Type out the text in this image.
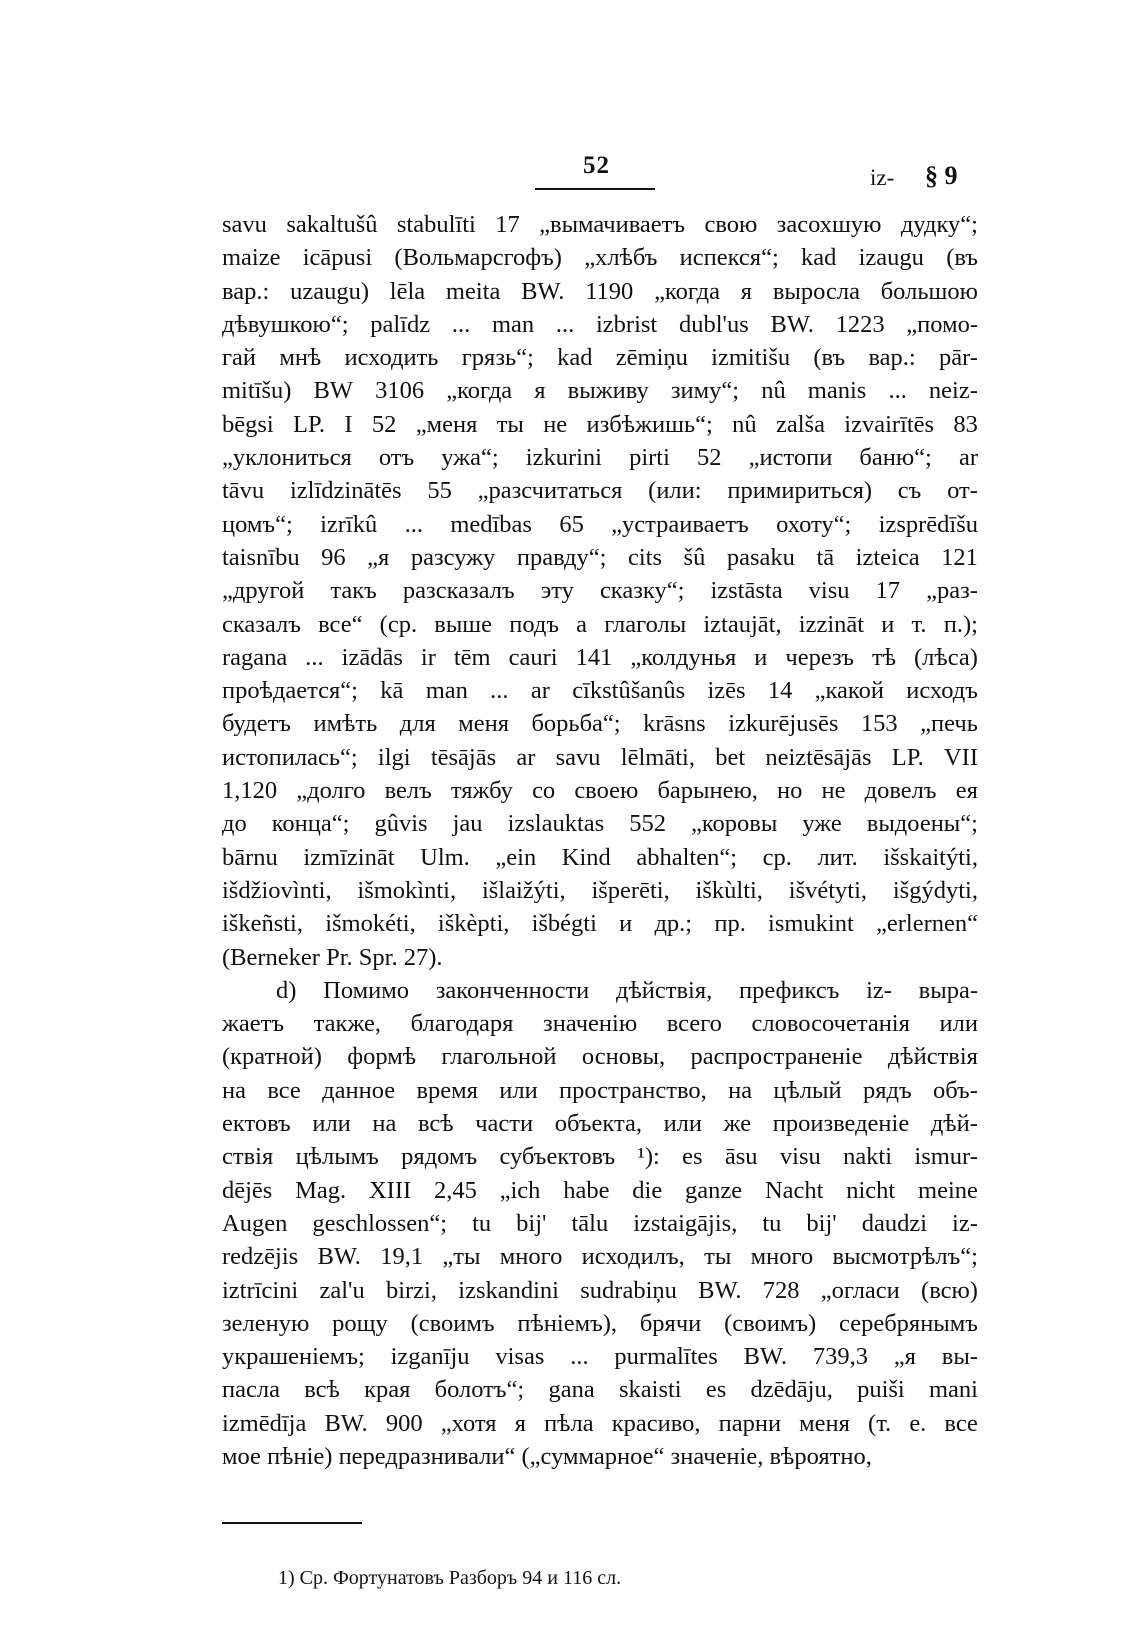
52	iz- § 9
savu sakaltušû stabulīti 17 „вымачиваетъ свою засохшую дудку“;
maize icāpusi (Вольмарсгофъ) „хлѣбъ испекся“; kad izaugu (въ
вар.: uzaugu) lēla meita BW. 1190 „когда я выросла большою
дѣвушкою“; palīdz ... man ... izbrist dubl'us BW. 1223 „помо-
гай мнѣ исходить грязь“; kad zēmiņu izmitišu (въ вар.: pār-
mitīšu) BW 3106 „когда я выживу зиму“; nû manis ... neiz-
bēgsi LP. I 52 „меня ты не избѣжишь“; nû zalša izvairītēs 83
„уклониться отъ ужа“; izkurini pirti 52 „истопи баню“; ar
tāvu izlīdzinātēs 55 „разсчитаться (или: примириться) съ от-
цомъ“; izrīkû ... medības 65 „устраиваетъ охоту“; izsprēdīšu
taisnību 96 „я разсужу правду“; cits šû pasaku tā izteica 121
„другой такъ разсказалъ эту сказку“; izstāsta visu 17 „раз-
сказалъ все“ (ср. выше подъ a глаголы iztaujāt, izzināt и т. п.);
ragana ... izādās ir tēm cauri 141 „колдунья и черезъ тѣ (лѣса)
проѣдается“; kā man ... ar cīkstûšanûs izēs 14 „какой исходъ
будетъ имѣть для меня борьба“; krāsns izkurējusēs 153 „печь
истопилась“; ilgi tēsājās ar savu lēlmāti, bet neiztēsājās LP. VII
1,120 „долго велъ тяжбу со своею барынею, но не довелъ ея
до конца“; gûvis jau izslauktas 552 „коровы уже выдоены“;
bārnu izmīzināt Ulm. „ein Kind abhalten“; ср. лит. išskaitýti,
išdžiovìnti, išmokìnti, išlaižýti, išperēti, iškùlti, išvétyti, išgýdyti,
iškeñsti, išmokéti, iškèpti, išbégti и др.; пр. ismukint „erlernen“
(Berneker Pr. Spr. 27).
d) Помимо законченности дѣйствія, префиксъ iz- выра-
жаетъ также, благодаря значенію всего словосочетанія или
(кратной) формѣ глагольной основы, распространеніе дѣйствія
на все данное время или пространство, на цѣлый рядъ объ-
ектовъ или на всѣ части объекта, или же произведеніе дѣй-
ствія цѣлымъ рядомъ субъектовъ ¹): es āsu visu nakti ismur-
dējēs Mag. XIII 2,45 „ich habe die ganze Nacht nicht meine
Augen geschlossen“; tu bij' tālu izstaigājis, tu bij' daudzi iz-
redzējis BW. 19,1 „ты много исходилъ, ты много высмотрѣлъ“;
iztrīcini zal'u birzi, izskandini sudrabiņu BW. 728 „огласи (всю)
зеленую рощу (своимъ пѣніемъ), брячи (своимъ) серебрянымъ
украшеніемъ; izganīju visas ... purmalītes BW. 739,3 „я вы-
пасла всѣ края болотъ“; gana skaisti es dzēdāju, puiši mani
izmēdīja BW. 900 „хотя я пѣла красиво, парни меня (т. е. все
мое пѣніе) передразнивали“ („суммарное“ значеніе, вѣроятно,
1) Ср. Фортунатовъ Разборъ 94 и 116 сл.
